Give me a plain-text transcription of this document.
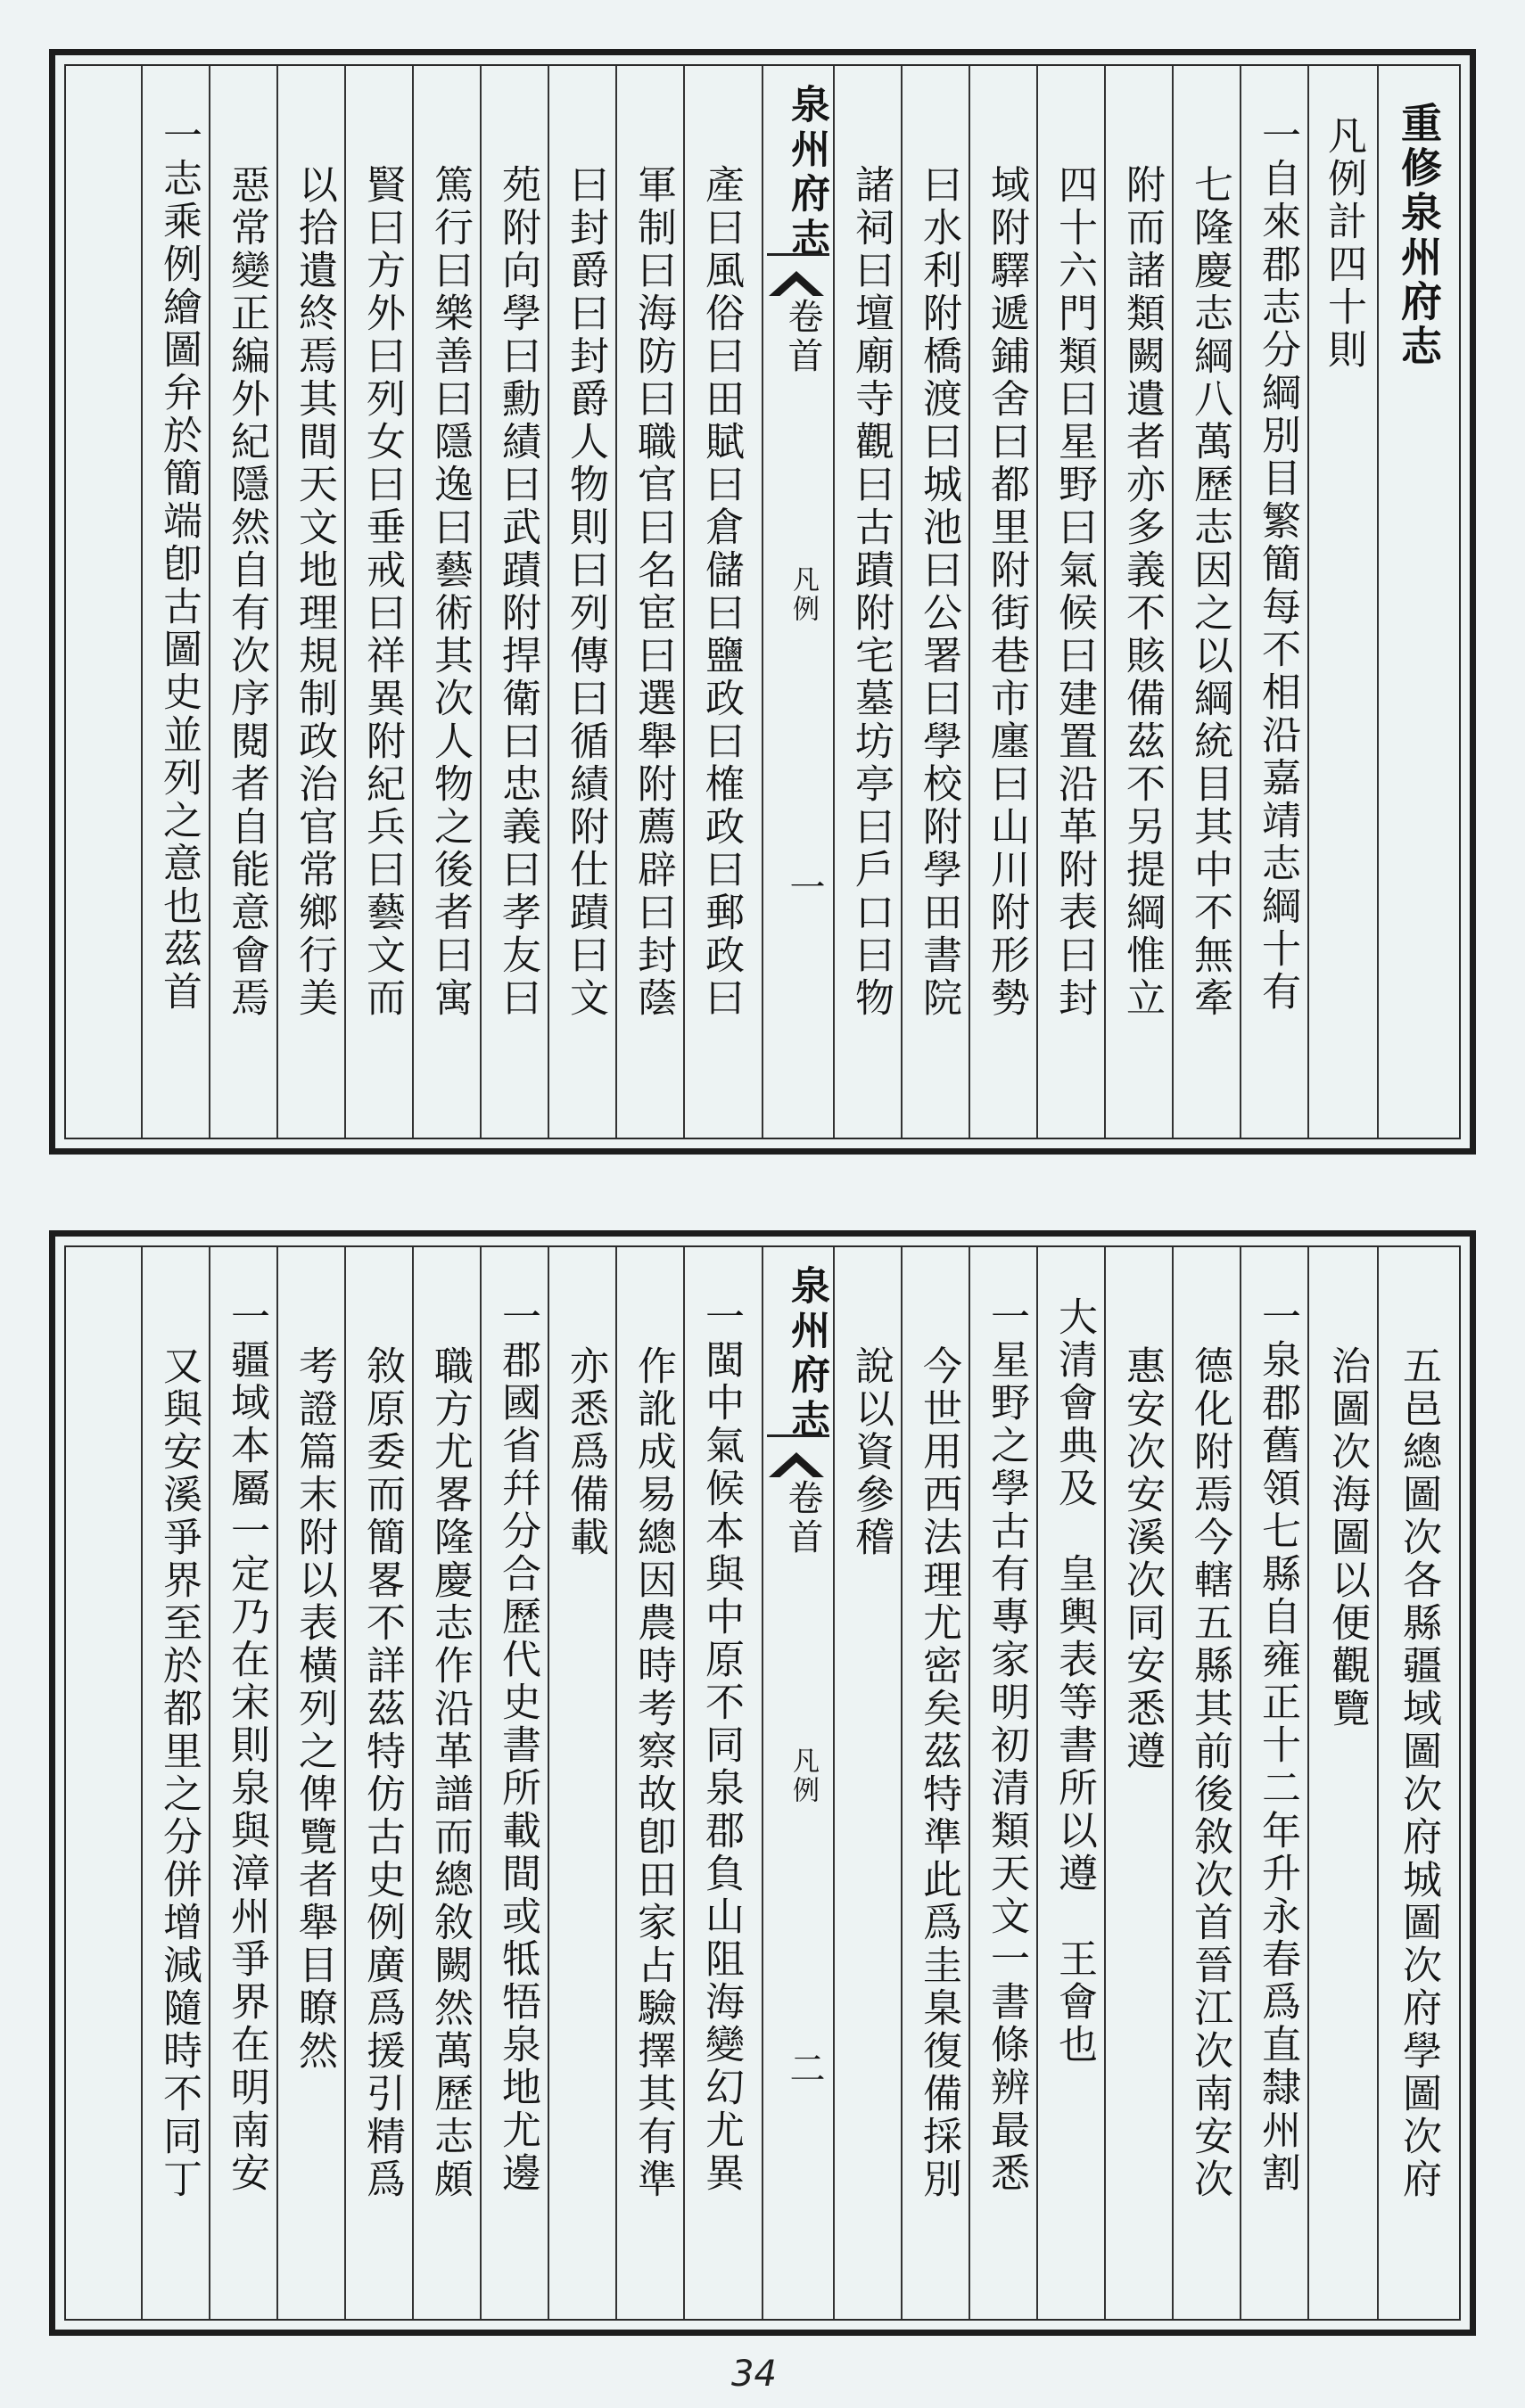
重修泉州府志
凡例計四十則
一自來郡志分綱別目繁簡每不相沿嘉靖志綱十有
七隆慶志綱八萬歷志因之以綱統目其中不無牽
附而諸類闕遺者亦多義不賅備茲不另提綱惟立
四十六門類曰星野曰氣候曰建置沿革附表曰封
域附驛遞鋪舍曰都里附街巷市廛曰山川附形勢
曰水利附橋渡曰城池曰公署曰學校附學田書院
諸祠曰壇廟寺觀曰古蹟附宅墓坊亭曰戶口曰物
泉州府志
卷首
凡例
一
產曰風俗曰田賦曰倉儲曰鹽政曰榷政曰郵政曰
軍制曰海防曰職官曰名宦曰選舉附薦辟曰封蔭
曰封爵曰封爵人物則曰列傳曰循績附仕蹟曰文
苑附向學曰勳績曰武蹟附捍衛曰忠義曰孝友曰
篤行曰樂善曰隱逸曰藝術其次人物之後者曰寓
賢曰方外曰列女曰垂戒曰祥異附紀兵曰藝文而
以拾遺終焉其間天文地理規制政治官常鄉行美
惡常變正編外紀隱然自有次序閱者自能意會焉
一志乘例繪圖弁於簡端卽古圖史並列之意也茲首
五邑總圖次各縣疆域圖次府城圖次府學圖次府
治圖次海圖以便觀覽
一泉郡舊領七縣自雍正十二年升永春爲直隸州割
德化附焉今轄五縣其前後敘次首晉江次南安次
惠安次安溪次同安悉遵
大清會典及　皇輿表等書所以遵　王會也
一星野之學古有專家明初清類天文一書條辨最悉
今世用西法理尤密矣茲特準此爲圭臬復備採別
說以資參稽
泉州府志
卷首
凡例
二
一閩中氣候本與中原不同泉郡負山阻海變幻尤異
作訛成易總因農時考察故卽田家占驗擇其有準
亦悉爲備載
一郡國省幷分合歷代史書所載間或牴牾泉地尤邊
職方尤畧隆慶志作沿革譜而總敘闕然萬歷志頗
敘原委而簡畧不詳茲特仿古史例廣爲援引精爲
考證篇末附以表橫列之俾覽者舉目瞭然
一疆域本屬一定乃在宋則泉與漳州爭界在明南安
又與安溪爭界至於都里之分併增減隨時不同丁
34
